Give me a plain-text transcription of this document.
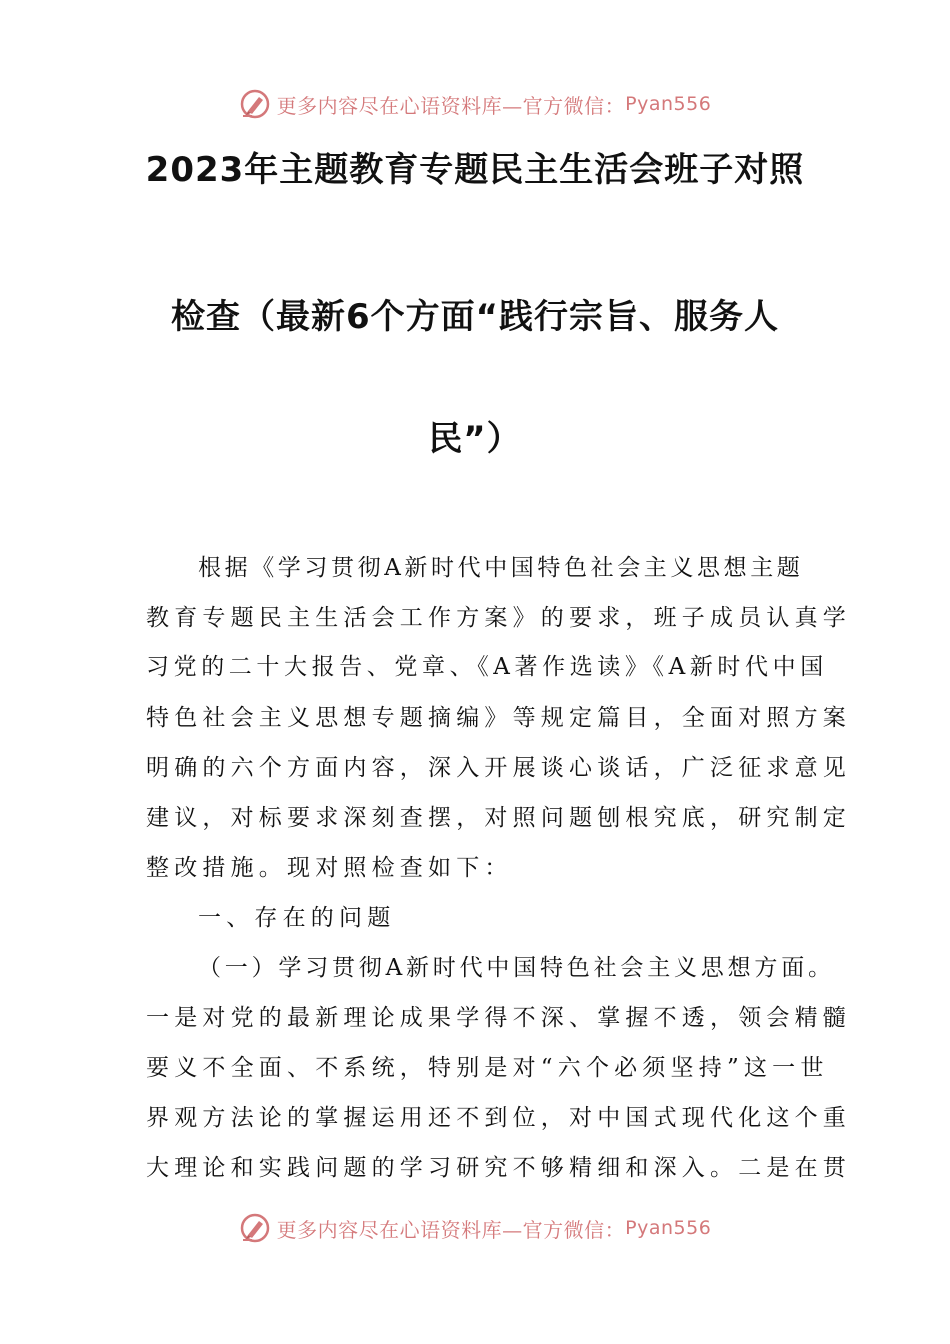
更多内容尽在心语资料库—官方微信： Pyan556
2023年主题教育专题民主生活会班子对照
检查（最新6个方面“践行宗旨、服务人
民”）
根据《学习贯彻A新时代中国特色社会主义思想主题
教育专题民主生活会工作方案》的要求，班子成员认真学
习党的二十大报告、党章、《A著作选读》《A新时代中国
特色社会主义思想专题摘编》等规定篇目，全面对照方案
明确的六个方面内容，深入开展谈心谈话，广泛征求意见
建议，对标要求深刻查摆，对照问题刨根究底，研究制定
整改措施。现对照检查如下：
一、存在的问题
（一）学习贯彻A新时代中国特色社会主义思想方面。
一是对党的最新理论成果学得不深、掌握不透，领会精髓
要义不全面、不系统，特别是对“六个必须坚持”这一世
界观方法论的掌握运用还不到位，对中国式现代化这个重
大理论和实践问题的学习研究不够精细和深入。二是在贯
更多内容尽在心语资料库—官方微信： Pyan556
